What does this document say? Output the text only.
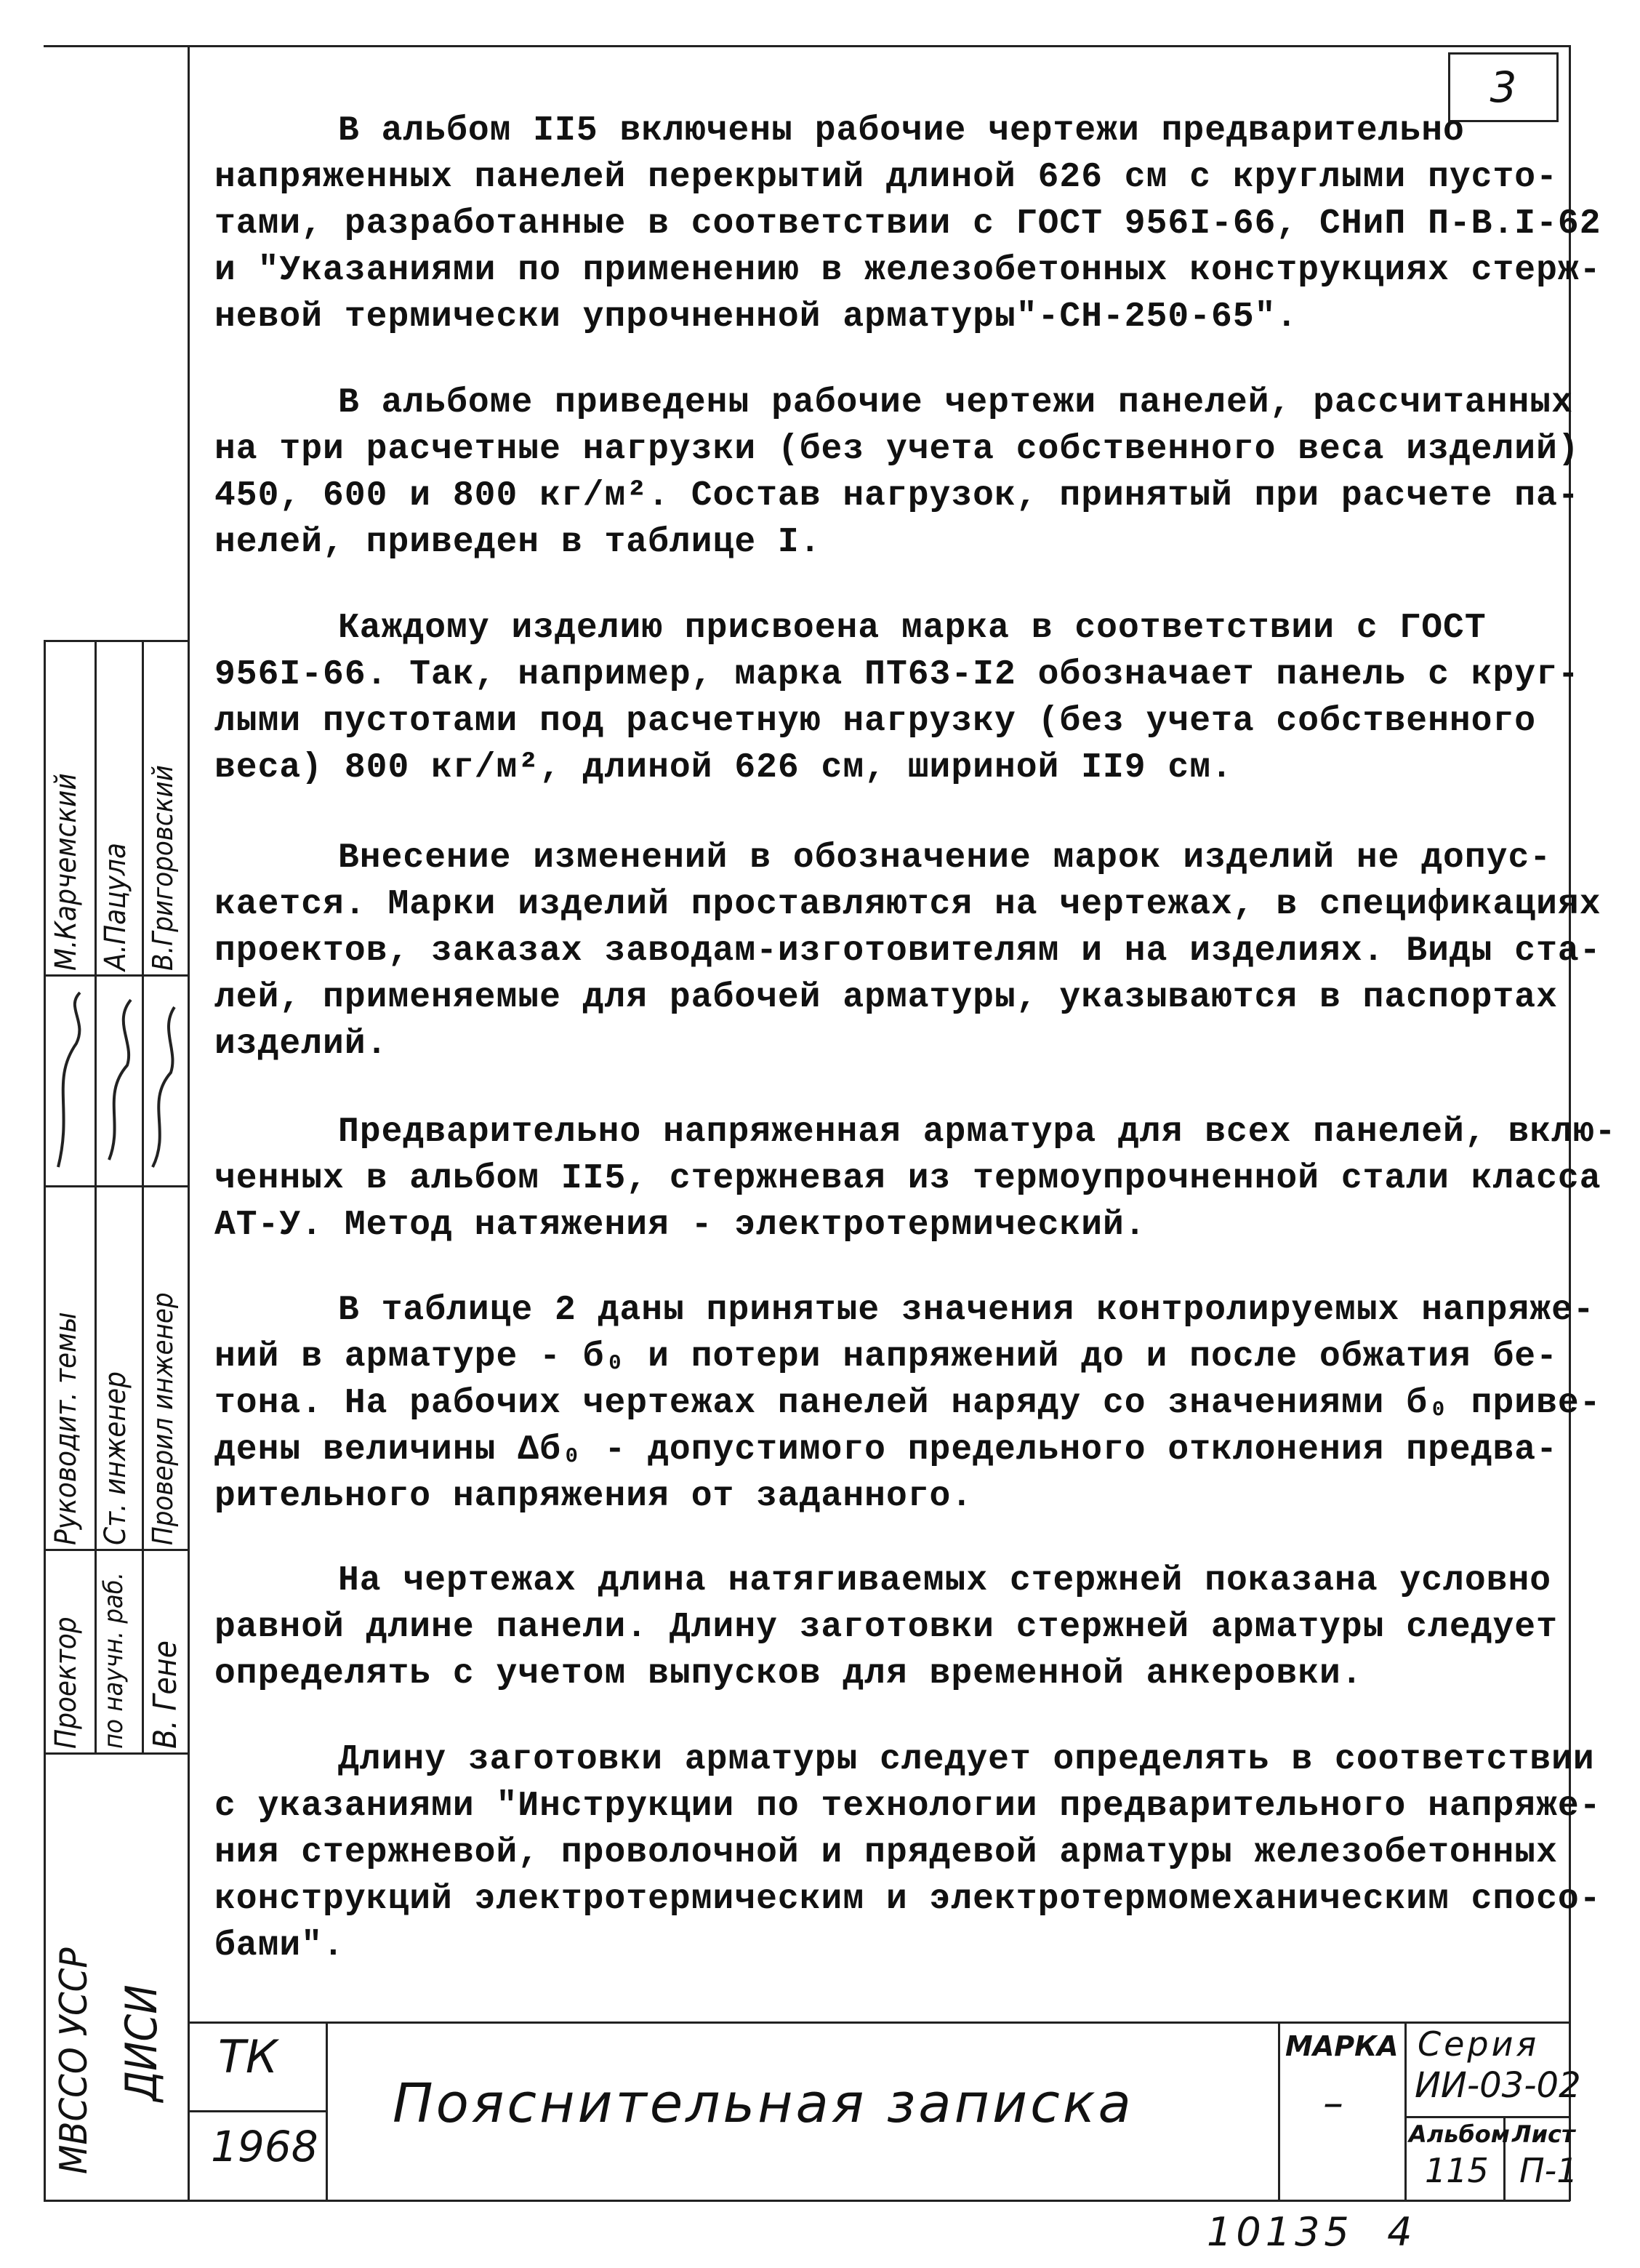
3

В альбом II5 включены рабочие чертежи предварительно

напряженных панелей перекрытий длиной 626 см с круглыми пусто-

тами, разработанные в соответствии с ГОСТ 956I-66, СНиП П-В.I-62

и "Указаниями по применению в железобетонных конструкциях стерж-

невой термически упрочненной арматуры"-СН-250-65".

В альбоме приведены рабочие чертежи панелей, рассчитанных

на три расчетные нагрузки (без учета собственного веса изделий)

450, 600 и 800 кг/м². Состав нагрузок, принятый при расчете па-

нелей, приведен в таблице I.

Каждому изделию присвоена марка в соответствии с ГОСТ

956I-66. Так, например, марка ПТ63-I2 обозначает панель с круг-

лыми пустотами под расчетную нагрузку (без учета собственного

веса) 800 кг/м², длиной 626 см, шириной II9 см.

Внесение изменений в обозначение марок изделий не допус-

кается. Марки изделий проставляются на чертежах, в спецификациях

проектов, заказах заводам-изготовителям и на изделиях. Виды ста-

лей, применяемые для рабочей арматуры, указываются в паспортах

изделий.

Предварительно напряженная арматура для всех панелей, вклю-

ченных в альбом II5, стержневая из термоупрочненной стали класса

АТ-У. Метод натяжения - электротермический.

В таблице 2 даны принятые значения контролируемых напряже-

ний в арматуре - б₀ и потери напряжений до и после обжатия бе-

тона. На рабочих чертежах панелей наряду со значениями б₀ приве-

дены величины Δб₀ - допустимого предельного отклонения предва-

рительного напряжения от заданного.

На чертежах длина натягиваемых стержней показана условно

равной длине панели. Длину заготовки стержней арматуры следует

определять с учетом выпусков для временной анкеровки.

Длину заготовки арматуры следует определять в соответствии

с указаниями "Инструкции по технологии предварительного напряже-

ния стержневой, проволочной и прядевой арматуры железобетонных

конструкций электротермическим и электротермомеханическим спосо-

бами".

М.Карчемский А.Пацула В.Григоровский
Руководит. темы Ст. инженер Проверил инженер
Проектор по научн. раб. В. Гене
МВССО УССР ДИСИ ТК
1968
Пояснительная записка
МАРКА
–
Серия
ИИ-03-02
Альбом
115
Лист
П-1
10135  4
